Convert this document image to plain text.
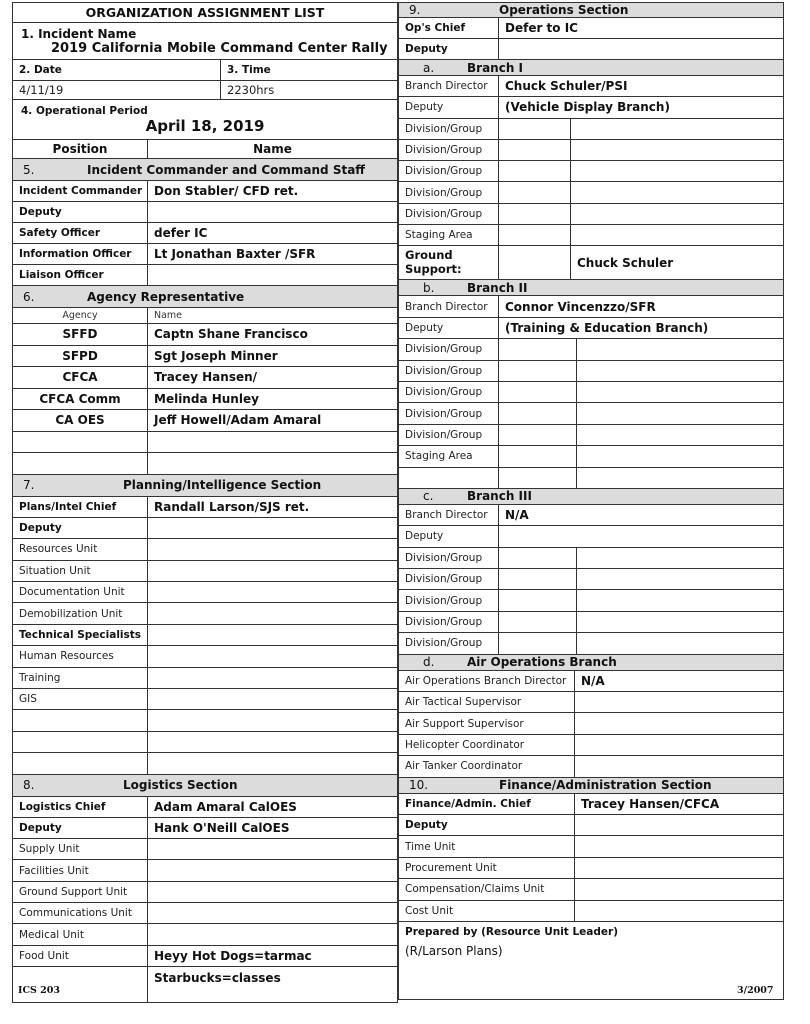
ORGANIZATION ASSIGNMENT LIST
1. Incident Name
2019 California Mobile Command Center Rally
2. Date	3. Time
4/11/19	2230hrs
4. Operational Period
April 18, 2019
Position	Name
5.	Incident Commander and Command Staff
Incident Commander Don Stabler/ CFD ret.
Deputy
Safety Officer	defer IC
Information Officer	Lt Jonathan Baxter /SFR
Liaison Officer
6.	Agency Representative
Agency	Name
SFFD	Captn Shane Francisco
SFPD	Sgt Joseph Minner
CFCA	Tracey Hansen/
CFCA Comm	Melinda Hunley
CA OES	Jeff Howell/Adam Amaral
7.	Planning/Intelligence Section
Plans/Intel Chief	Randall Larson/SJS ret.
Deputy
Resources Unit
Situation Unit
Documentation Unit
Demobilization Unit
Technical Specialists
Human Resources
Training
GIS
8.	Logistics Section
Logistics Chief	Adam Amaral CalOES
Deputy	Hank O'Neill CalOES
Supply Unit
Facilities Unit
Ground Support Unit
Communications Unit
Medical Unit
Food Unit	Heyy Hot Dogs=tarmac
Starbucks=classes
9.	Operations Section
Op's Chief	Defer to IC
Deputy
a.	Branch I
Branch Director	Chuck Schuler/PSI
Deputy	(Vehicle Display Branch)
Division/Group
Division/Group
Division/Group
Division/Group
Division/Group
Staging Area
Ground Support:	Chuck Schuler
b.	Branch II
Branch Director	Connor Vincenzzo/SFR
Deputy	(Training & Education Branch)
Division/Group
Division/Group
Division/Group
Division/Group
Division/Group
Staging Area
c.	Branch III
Branch Director	N/A
Deputy
Division/Group
Division/Group
Division/Group
Division/Group
Division/Group
d.	Air Operations Branch
Air Operations Branch Director	N/A
Air Tactical Supervisor
Air Support Supervisor
Helicopter Coordinator
Air Tanker Coordinator
10.	Finance/Administration Section
Finance/Admin. Chief	Tracey Hansen/CFCA
Deputy
Time Unit
Procurement Unit
Compensation/Claims Unit
Cost Unit
Prepared by (Resource Unit Leader)
(R/Larson Plans)
ICS 203	3/2007
